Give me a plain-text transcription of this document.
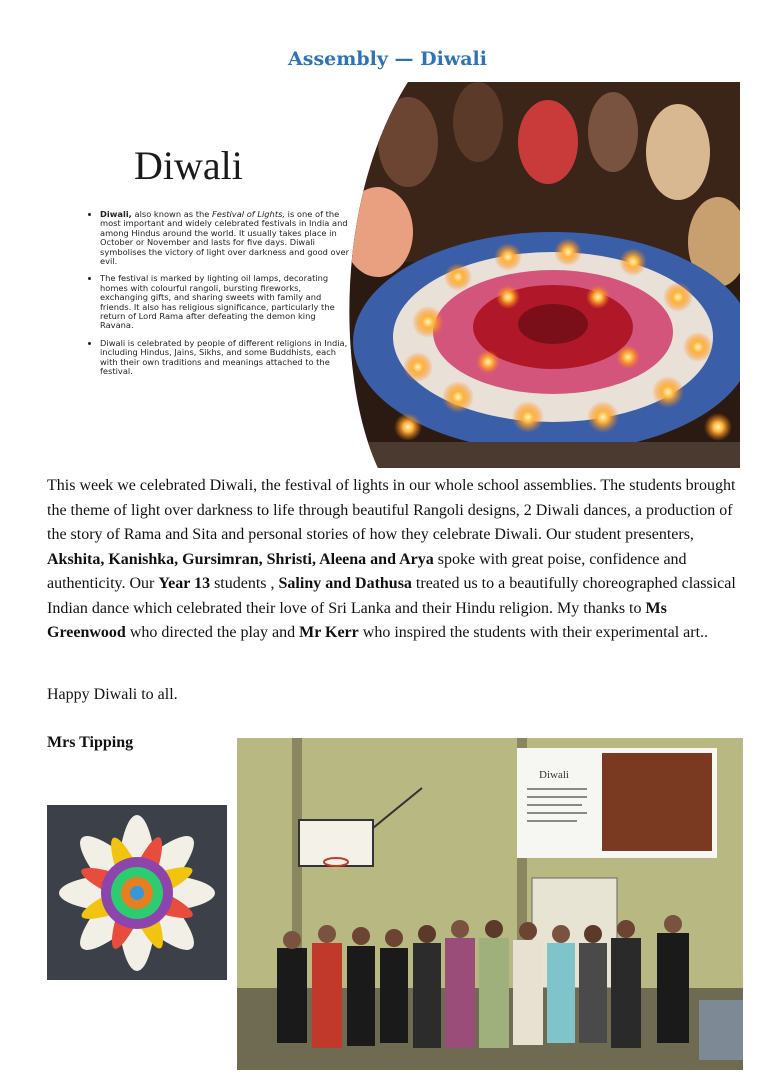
Assembly — Diwali
Diwali
• Diwali, also known as the Festival of Lights, is one of the most important and widely celebrated festivals in India and among Hindus around the world. It usually takes place in October or November and lasts for five days. Diwali symbolises the victory of light over darkness and good over evil.
• The festival is marked by lighting oil lamps, decorating homes with colourful rangoli, bursting fireworks, exchanging gifts, and sharing sweets with family and friends. It also has religious significance, particularly the return of Lord Rama after defeating the demon king Ravana.
• Diwali is celebrated by people of different religions in India, including Hindus, Jains, Sikhs, and some Buddhists, each with their own traditions and meanings attached to the festival.

This week we celebrated Diwali, the festival of lights in our whole school assemblies. The students brought the theme of light over darkness to life through beautiful Rangoli designs, 2 Diwali dances, a production of the story of Rama and Sita and personal stories of how they celebrate Diwali. Our student presenters, Akshita, Kanishka, Gursimran, Shristi, Aleena and Arya spoke with great poise, confidence and authenticity. Our Year 13 students , Saliny and Dathusa treated us to a beautifully choreographed classical Indian dance which celebrated their love of Sri Lanka and their Hindu religion. My thanks to Ms Greenwood who directed the play and Mr Kerr who inspired the students with their experimental art..

Happy Diwali to all.
Mrs Tipping
Diwali
